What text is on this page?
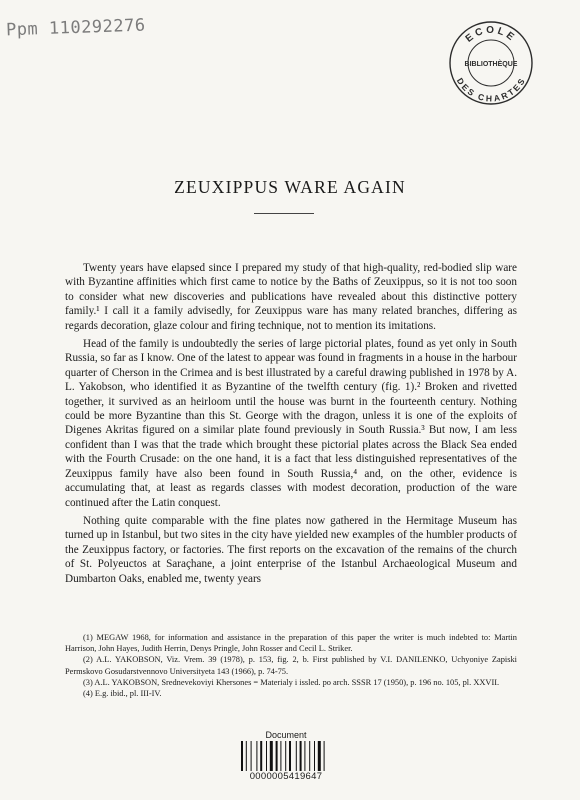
Ppm 110292276	ECOLE
BIBLIOTHÈQUE
DES CHARTES
ZEUXIPPUS WARE AGAIN

Twenty years have elapsed since I prepared my study of that high-quality, red-bodied slip ware with Byzantine affinities which first came to notice by the Baths of Zeuxippus, so it is not too soon to consider what new discoveries and publications have revealed about this distinctive pottery family.¹ I call it a family advisedly, for Zeuxippus ware has many related branches, differing as regards decoration, glaze colour and firing technique, not to mention its imitations.

Head of the family is undoubtedly the series of large pictorial plates, found as yet only in South Russia, so far as I know. One of the latest to appear was found in fragments in a house in the harbour quarter of Cherson in the Crimea and is best illustrated by a careful drawing published in 1978 by A. L. Yakobson, who identified it as Byzantine of the twelfth century (fig. 1).² Broken and rivetted together, it survived as an heirloom until the house was burnt in the fourteenth century. Nothing could be more Byzantine than this St. George with the dragon, unless it is one of the exploits of Digenes Akritas figured on a similar plate found previously in South Russia.³ But now, I am less confident than I was that the trade which brought these pictorial plates across the Black Sea ended with the Fourth Crusade: on the one hand, it is a fact that less distinguished representatives of the Zeuxippus family have also been found in South Russia,⁴ and, on the other, evidence is accumulating that, at least as regards classes with modest decoration, production of the ware continued after the Latin conquest.

Nothing quite comparable with the fine plates now gathered in the Hermitage Museum has turned up in Istanbul, but two sites in the city have yielded new examples of the humbler products of the Zeuxippus factory, or factories. The first reports on the excavation of the remains of the church of St. Polyeuctos at Saraçhane, a joint enterprise of the Istanbul Archaeological Museum and Dumbarton Oaks, enabled me, twenty years

(1) MEGAW 1968, for information and assistance in the preparation of this paper the writer is much indebted to: Martin Harrison, John Hayes, Judith Herrin, Denys Pringle, John Rosser and Cecil L. Striker.

(2) A.L. YAKOBSON, Viz. Vrem. 39 (1978), p. 153, fig. 2, b. First published by V.I. DANILENKO, Uchyoniye Zapiski Permskovo Gosudarstvennovo Universityeta 143 (1966), p. 74-75.

(3) A.L. YAKOBSON, Srednevekoviyi Khersones = Materialy i issled. po arch. SSSR 17 (1950), p. 196 no. 105, pl. XXVII.

(4) E.g. ibid., pl. III-IV.

Document
0000005419647
